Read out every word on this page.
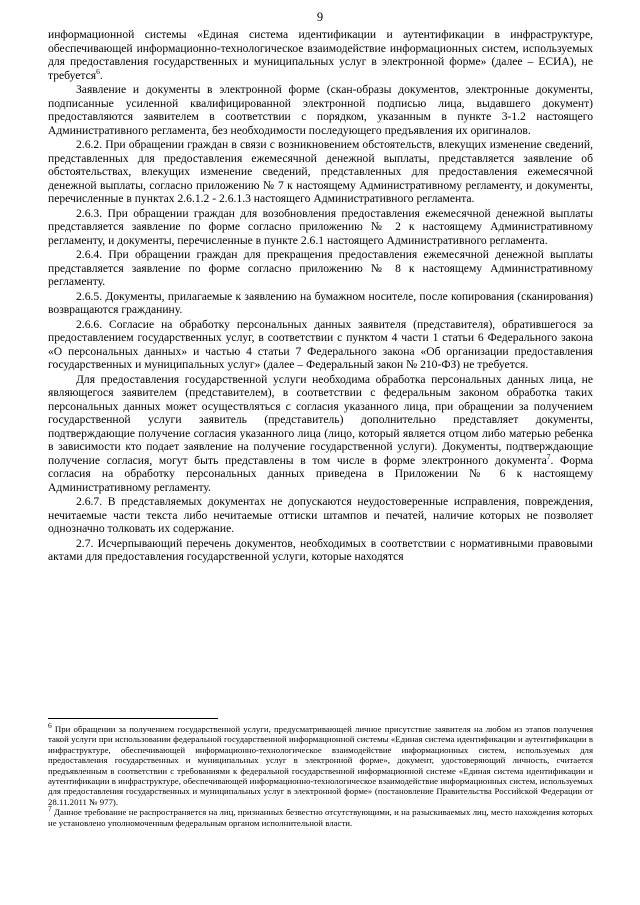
9

информационной системы «Единая система идентификации и аутентификации в инфраструктуре, обеспечивающей информационно-технологическое взаимодействие информационных систем, используемых для предоставления государственных и муниципальных услуг в электронной форме» (далее – ЕСИА), не требуется$^6$.

Заявление и документы в электронной форме (скан-образы документов, электронные документы, подписанные усиленной квалифицированной электронной подписью лица, выдавшего документ) предоставляются заявителем в соответствии с порядком, указанным в пункте 3-1.2 настоящего Административного регламента, без необходимости последующего предъявления их оригиналов.

2.6.2. При обращении граждан в связи с возникновением обстоятельств, влекущих изменение сведений, представленных для предоставления ежемесячной денежной выплаты, представляется заявление об обстоятельствах, влекущих изменение сведений, представленных для предоставления ежемесячной денежной выплаты, согласно приложению № 7 к настоящему Административному регламенту, и документы, перечисленные в пунктах 2.6.1.2 - 2.6.1.3 настоящего Административного регламента.

2.6.3. При обращении граждан для возобновления предоставления ежемесячной денежной выплаты представляется заявление по форме согласно приложению № 2 к настоящему Административному регламенту, и документы, перечисленные в пункте 2.6.1 настоящего Административного регламента.

2.6.4. При обращении граждан для прекращения предоставления ежемесячной денежной выплаты представляется заявление по форме согласно приложению № 8 к настоящему Административному регламенту.

2.6.5. Документы, прилагаемые к заявлению на бумажном носителе, после копирования (сканирования) возвращаются гражданину.

2.6.6. Согласие на обработку персональных данных заявителя (представителя), обратившегося за предоставлением государственных услуг, в соответствии с пунктом 4 части 1 статьи 6 Федерального закона «О персональных данных» и частью 4 статьи 7 Федерального закона «Об организации предоставления государственных и муниципальных услуг» (далее – Федеральный закон № 210-ФЗ) не требуется.

Для предоставления государственной услуги необходима обработка персональных данных лица, не являющегося заявителем (представителем), в соответствии с федеральным законом обработка таких персональных данных может осуществляться с согласия указанного лица, при обращении за получением государственной услуги заявитель (представитель) дополнительно представляет документы, подтверждающие получение согласия указанного лица (лицо, который является отцом либо матерью ребенка в зависимости кто подает заявление на получение государственной услуги). Документы, подтверждающие получение согласия, могут быть представлены в том числе в форме электронного документа$^7$. Форма согласия на обработку персональных данных приведена в Приложении № 6 к настоящему Административному регламенту.

2.6.7. В представляемых документах не допускаются неудостоверенные исправления, повреждения, нечитаемые части текста либо нечитаемые оттиски штампов и печатей, наличие которых не позволяет однозначно толковать их содержание.

2.7. Исчерпывающий перечень документов, необходимых в соответствии с нормативными правовыми актами для предоставления государственной услуги, которые находятся

$^6$ При обращении за получением государственной услуги, предусматривающей личное присутствие заявителя на любом из этапов получения такой услуги при использовании федеральной государственной информационной системы «Единая система идентификации и аутентификации в инфраструктуре, обеспечивающей информационно-технологическое взаимодействие информационных систем, используемых для предоставления государственных и муниципальных услуг в электронной форме», документ, удостоверяющий личность, считается предъявленным в соответствии с требованиями к федеральной государственной информационной системе «Единая система идентификации и аутентификации в инфраструктуре, обеспечивающей информационно-технологическое взаимодействие информационных систем, используемых для предоставления государственных и муниципальных услуг в электронной форме» (постановление Правительства Российской Федерации от 28.11.2011 № 977).

$^7$ Данное требование не распространяется на лиц, признанных безвестно отсутствующими, и на разыскиваемых лиц, место нахождения которых не установлено уполномоченным федеральным органом исполнительной власти.
